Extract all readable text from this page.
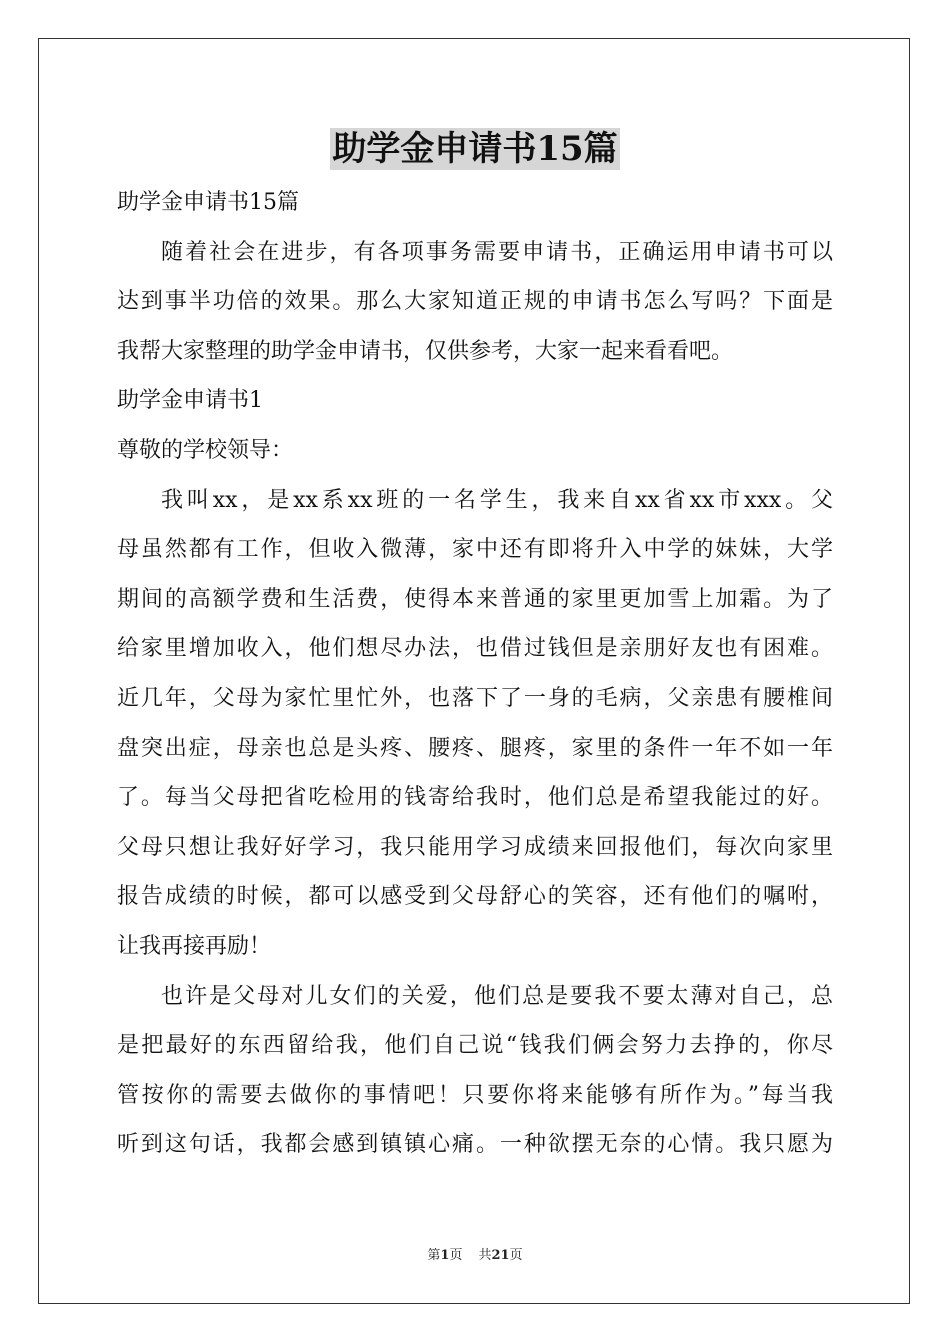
助学金申请书15篇
助学金申请书15篇
随着社会在进步，有各项事务需要申请书，正确运用申请书可以
达到事半功倍的效果。那么大家知道正规的申请书怎么写吗？下面是
我帮大家整理的助学金申请书，仅供参考，大家一起来看看吧。
助学金申请书1
尊敬的学校领导：
我叫xx，是xx系xx班的一名学生，我来自xx省xx市xxx。父
母虽然都有工作，但收入微薄，家中还有即将升入中学的妹妹，大学
期间的高额学费和生活费，使得本来普通的家里更加雪上加霜。为了
给家里增加收入，他们想尽办法，也借过钱但是亲朋好友也有困难。
近几年，父母为家忙里忙外，也落下了一身的毛病，父亲患有腰椎间
盘突出症，母亲也总是头疼、腰疼、腿疼，家里的条件一年不如一年
了。每当父母把省吃检用的钱寄给我时，他们总是希望我能过的好。
父母只想让我好好学习，我只能用学习成绩来回报他们，每次向家里
报告成绩的时候，都可以感受到父母舒心的笑容，还有他们的嘱咐，
让我再接再励！
也许是父母对儿女们的关爱，他们总是要我不要太薄对自己，总
是把最好的东西留给我，他们自己说“钱我们俩会努力去挣的，你尽
管按你的需要去做你的事情吧！只要你将来能够有所作为。”每当我
听到这句话，我都会感到镇镇心痛。一种欲摆无奈的心情。我只愿为
第1页 共21页
